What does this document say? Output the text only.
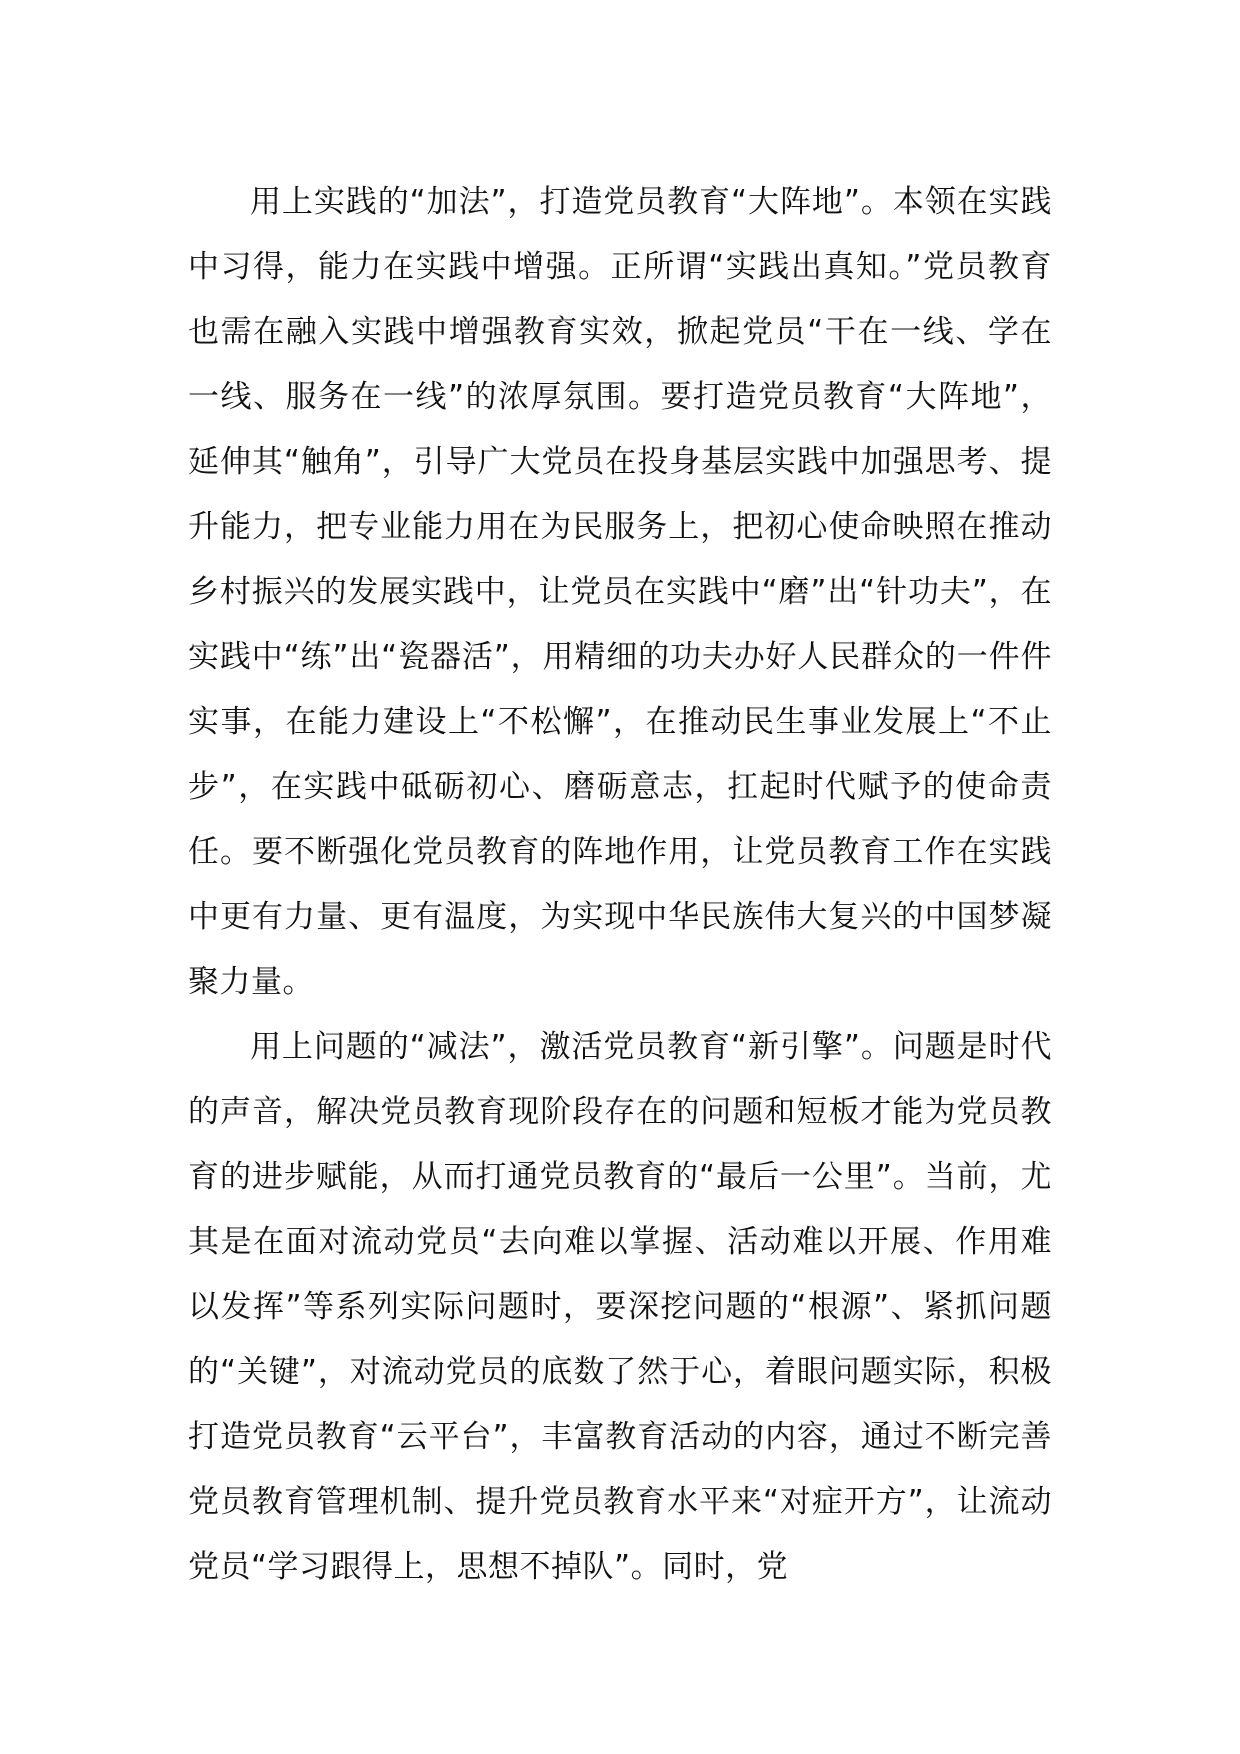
用上实践的“加法”，打造党员教育“大阵地”。本领在实践中习得，能力在实践中增强。正所谓“实践出真知。”党员教育也需在融入实践中增强教育实效，掀起党员“干在一线、学在一线、服务在一线”的浓厚氛围。要打造党员教育“大阵地”，延伸其“触角”，引导广大党员在投身基层实践中加强思考、提升能力，把专业能力用在为民服务上，把初心使命映照在推动乡村振兴的发展实践中，让党员在实践中“磨”出“针功夫”，在实践中“练”出“瓷器活”，用精细的功夫办好人民群众的一件件实事，在能力建设上“不松懈”，在推动民生事业发展上“不止步”，在实践中砥砺初心、磨砺意志，扛起时代赋予的使命责任。要不断强化党员教育的阵地作用，让党员教育工作在实践中更有力量、更有温度，为实现中华民族伟大复兴的中国梦凝聚力量。

用上问题的“减法”，激活党员教育“新引擎”。问题是时代的声音，解决党员教育现阶段存在的问题和短板才能为党员教育的进步赋能，从而打通党员教育的“最后一公里”。当前，尤其是在面对流动党员“去向难以掌握、活动难以开展、作用难以发挥”等系列实际问题时，要深挖问题的“根源”、紧抓问题的“关键”，对流动党员的底数了然于心，着眼问题实际，积极打造党员教育“云平台”，丰富教育活动的内容，通过不断完善党员教育管理机制、提升党员教育水平来“对症开方”，让流动党员“学习跟得上，思想不掉队”。同时，党
